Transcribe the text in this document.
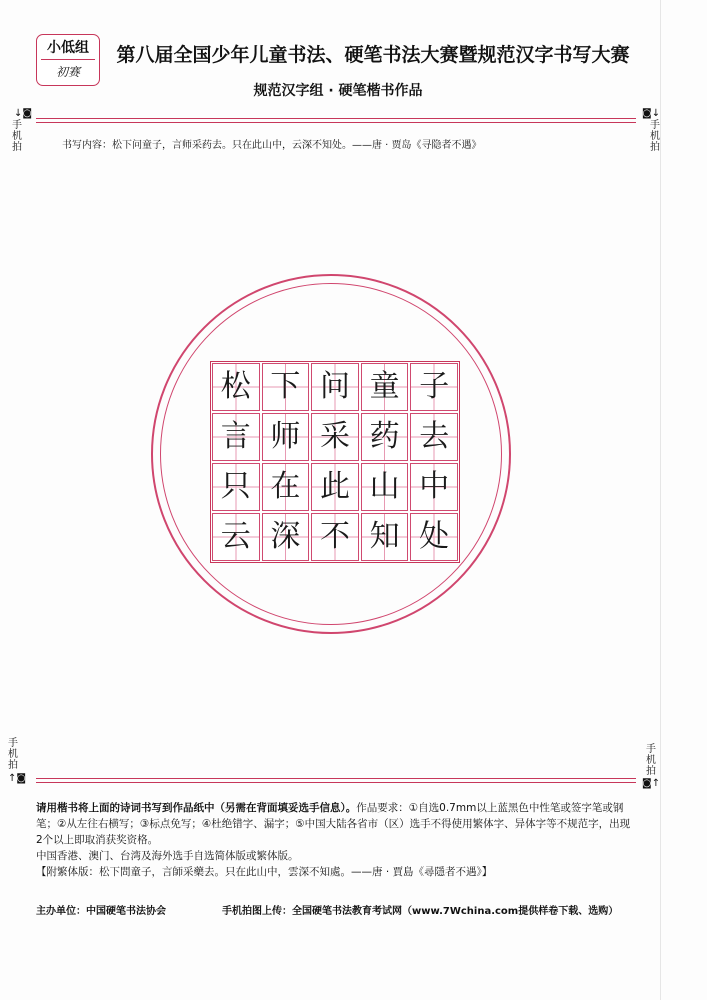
小低组
初赛
第八届全国少年儿童书法、硬笔书法大赛暨规范汉字书写大赛
规范汉字组 · 硬笔楷书作品
↓◙
手
机
拍
◙↓
手
机
拍
书写内容：松下问童子，言师采药去。只在此山中，云深不知处。——唐 · 贾岛《寻隐者不遇》
松 下 问 童 子
言 师 采 药 去
只 在 此 山 中
云 深 不 知 处
手
机
拍
↑◙
手
机
拍
◙↑
请用楷书将上面的诗词书写到作品纸中（另需在背面填妥选手信息）。作品要求：①自选0.7mm以上蓝黑色中性笔或签字笔或钢笔；②从左往右横写；③标点免写；④杜绝错字、漏字；⑤中国大陆各省市（区）选手不得使用繁体字、异体字等不规范字，出现2个以上即取消获奖资格。
中国香港、澳门、台湾及海外选手自选简体版或繁体版。
【附繁体版：松下問童子，言師采藥去。只在此山中，雲深不知處。——唐 · 賈島《尋隱者不遇》】
主办单位：中国硬笔书法协会	手机拍图上传：全国硬笔书法教育考试网（www.7Wchina.com提供样卷下载、选购）
